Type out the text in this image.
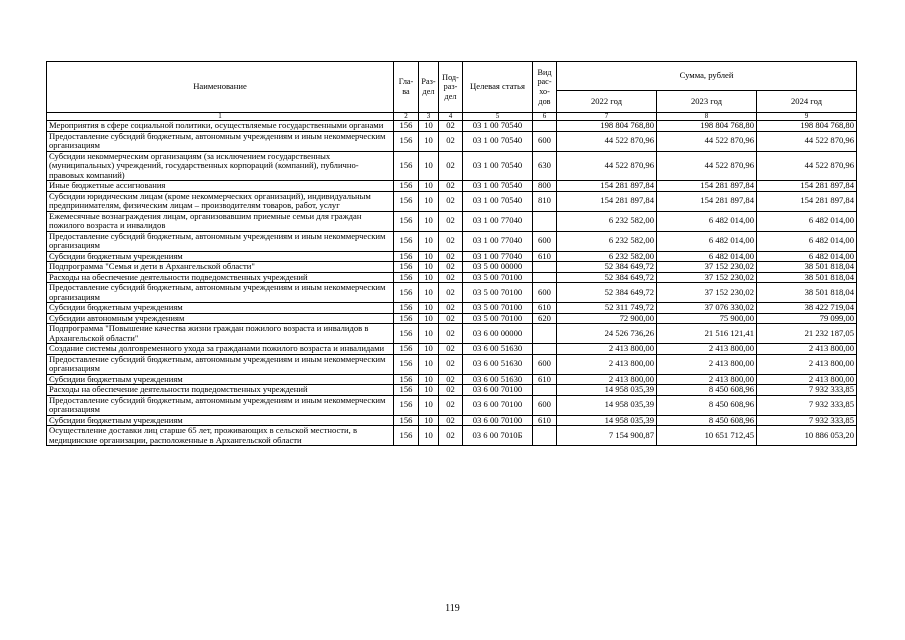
Наименование	Гла-ва	Раз-дел	Под-раз-дел	Целевая статья	Вид рас-хо-дов	Сумма, рублей		
						2022 год	2023 год	2024 год
1	2	3	4	5	6	7	8	9
Мероприятия в сфере социальной политики, осуществляемые государственными органами	156	10	02	03 1 00 70540		198 804 768,80	198 804 768,80	198 804 768,80
Предоставление субсидий бюджетным, автономным учреждениям и иным некоммерческим организациям	156	10	02	03 1 00 70540	600	44 522 870,96	44 522 870,96	44 522 870,96
Субсидии некоммерческим организациям (за исключением государственных (муниципальных) учреждений, государственных корпораций (компаний), публично-правовых компаний)	156	10	02	03 1 00 70540	630	44 522 870,96	44 522 870,96	44 522 870,96
Иные бюджетные ассигнования	156	10	02	03 1 00 70540	800	154 281 897,84	154 281 897,84	154 281 897,84
Субсидии юридическим лицам (кроме некоммерческих организаций), индивидуальным предпринимателям, физическим лицам – производителям товаров, работ, услуг	156	10	02	03 1 00 70540	810	154 281 897,84	154 281 897,84	154 281 897,84
Ежемесячные вознаграждения лицам, организовавшим приемные семьи для граждан пожилого возраста и инвалидов	156	10	02	03 1 00 77040		6 232 582,00	6 482 014,00	6 482 014,00
Предоставление субсидий бюджетным, автономным учреждениям и иным некоммерческим организациям	156	10	02	03 1 00 77040	600	6 232 582,00	6 482 014,00	6 482 014,00
Субсидии бюджетным учреждениям	156	10	02	03 1 00 77040	610	6 232 582,00	6 482 014,00	6 482 014,00
Подпрограмма "Семья и дети в Архангельской области"	156	10	02	03 5 00 00000		52 384 649,72	37 152 230,02	38 501 818,04
Расходы на обеспечение деятельности подведомственных учреждений	156	10	02	03 5 00 70100		52 384 649,72	37 152 230,02	38 501 818,04
Предоставление субсидий бюджетным, автономным учреждениям и иным некоммерческим организациям	156	10	02	03 5 00 70100	600	52 384 649,72	37 152 230,02	38 501 818,04
Субсидии бюджетным учреждениям	156	10	02	03 5 00 70100	610	52 311 749,72	37 076 330,02	38 422 719,04
Субсидии автономным учреждениям	156	10	02	03 5 00 70100	620	72 900,00	75 900,00	79 099,00
Подпрограмма "Повышение качества жизни граждан пожилого возраста и инвалидов в Архангельской области"	156	10	02	03 6 00 00000		24 526 736,26	21 516 121,41	21 232 187,05
Создание системы долговременного ухода за гражданами пожилого возраста и инвалидами	156	10	02	03 6 00 51630		2 413 800,00	2 413 800,00	2 413 800,00
Предоставление субсидий бюджетным, автономным учреждениям и иным некоммерческим организациям	156	10	02	03 6 00 51630	600	2 413 800,00	2 413 800,00	2 413 800,00
Субсидии бюджетным учреждениям	156	10	02	03 6 00 51630	610	2 413 800,00	2 413 800,00	2 413 800,00
Расходы на обеспечение деятельности подведомственных учреждений	156	10	02	03 6 00 70100		14 958 035,39	8 450 608,96	7 932 333,85
Предоставление субсидий бюджетным, автономным учреждениям и иным некоммерческим организациям	156	10	02	03 6 00 70100	600	14 958 035,39	8 450 608,96	7 932 333,85
Субсидии бюджетным учреждениям	156	10	02	03 6 00 70100	610	14 958 035,39	8 450 608,96	7 932 333,85
Осуществление доставки лиц старше 65 лет, проживающих в сельской местности, в медицинские организации, расположенные в Архангельской области	156	10	02	03 6 00 7010Б		7 154 900,87	10 651 712,45	10 886 053,20
119
